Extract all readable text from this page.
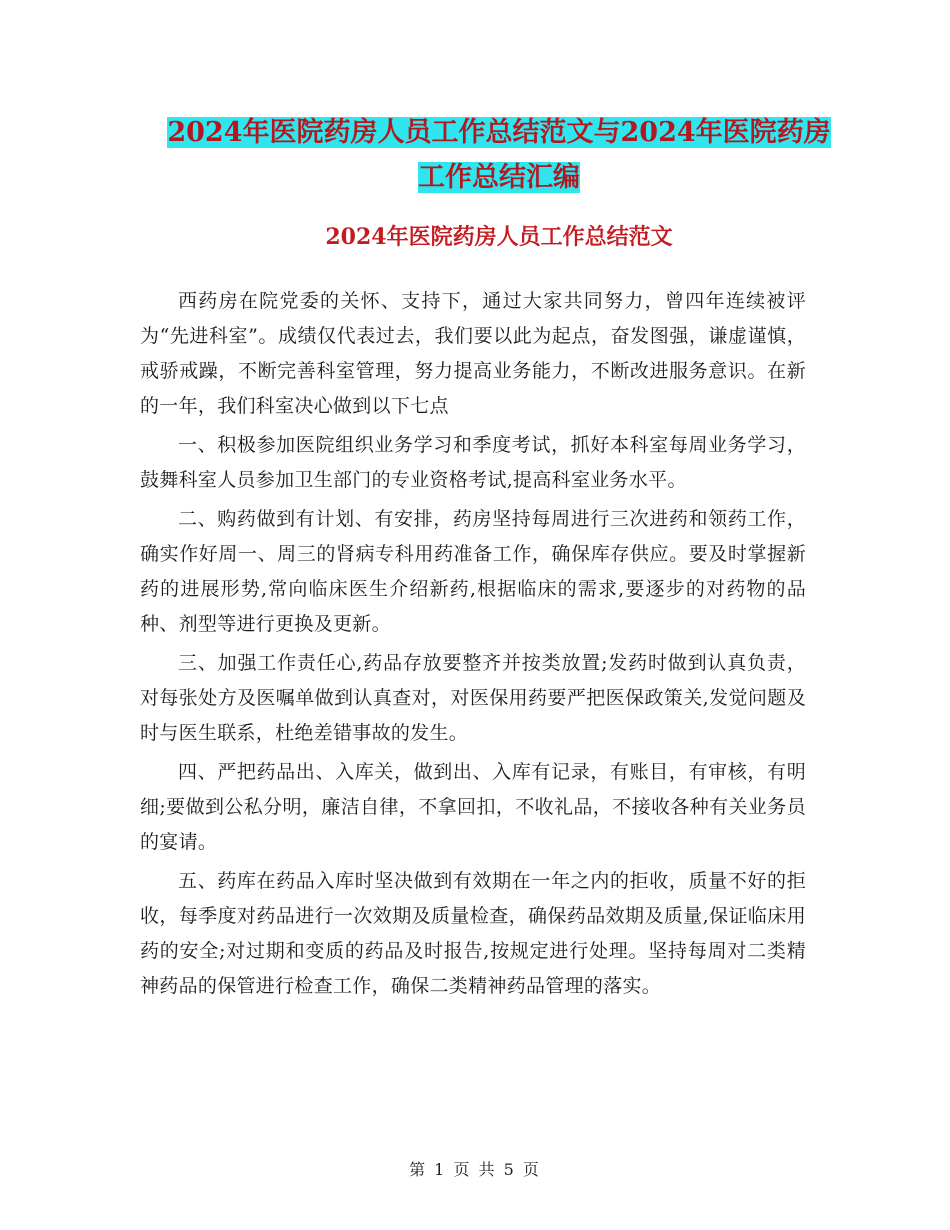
2024年医院药房人员工作总结范文与2024年医院药房
工作总结汇编
2024年医院药房人员工作总结范文

西药房在院党委的关怀、支持下，通过大家共同努力，曾四年连续被评为“先进科室”。成绩仅代表过去，我们要以此为起点，奋发图强，谦虚谨慎，戒骄戒躁，不断完善科室管理，努力提高业务能力，不断改进服务意识。在新的一年，我们科室决心做到以下七点

一、积极参加医院组织业务学习和季度考试，抓好本科室每周业务学习，鼓舞科室人员参加卫生部门的专业资格考试,提高科室业务水平。

二、购药做到有计划、有安排，药房坚持每周进行三次进药和领药工作，确实作好周一、周三的肾病专科用药准备工作，确保库存供应。要及时掌握新药的进展形势,常向临床医生介绍新药,根据临床的需求,要逐步的对药物的品种、剂型等进行更换及更新。

三、加强工作责任心,药品存放要整齐并按类放置;发药时做到认真负责，对每张处方及医嘱单做到认真查对，对医保用药要严把医保政策关,发觉问题及时与医生联系，杜绝差错事故的发生。

四、严把药品出、入库关，做到出、入库有记录，有账目，有审核，有明细;要做到公私分明，廉洁自律，不拿回扣，不收礼品，不接收各种有关业务员的宴请。

五、药库在药品入库时坚决做到有效期在一年之内的拒收，质量不好的拒收，每季度对药品进行一次效期及质量检查，确保药品效期及质量,保证临床用药的安全;对过期和变质的药品及时报告,按规定进行处理。坚持每周对二类精神药品的保管进行检查工作，确保二类精神药品管理的落实。

第 1 页 共 5 页
